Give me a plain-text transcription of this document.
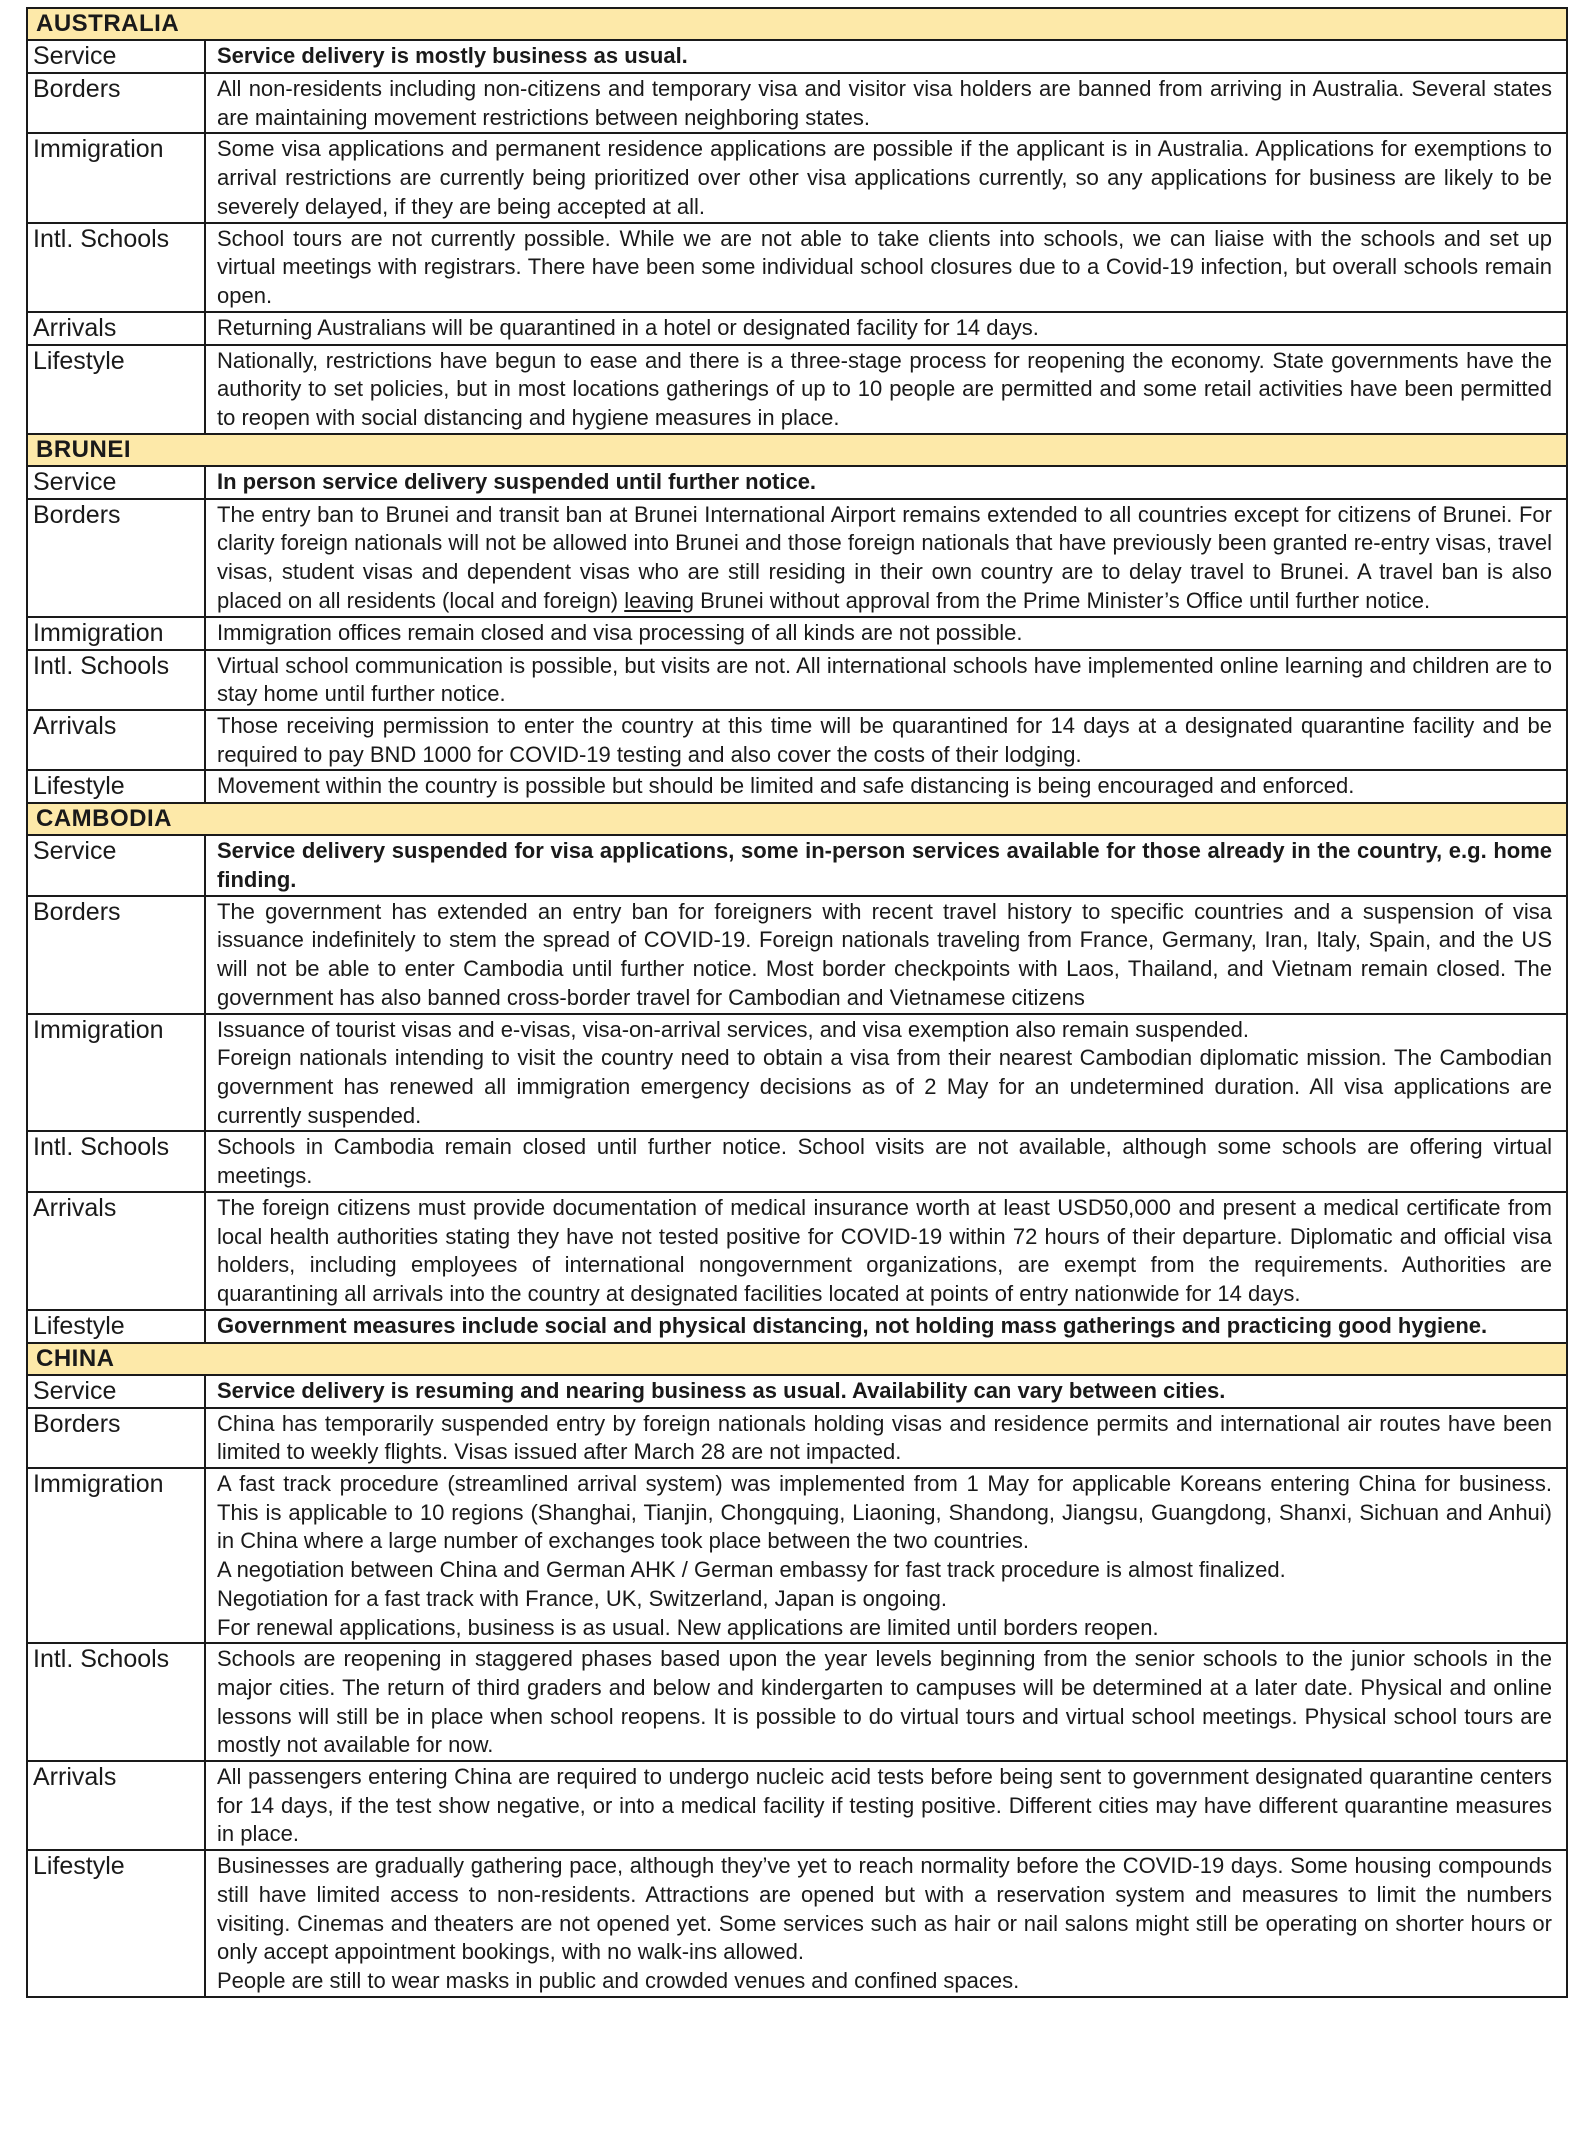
AUSTRALIA	
Service	Service delivery is mostly business as usual.

Borders	All non-residents including non-citizens and temporary visa and visitor visa holders are banned from arriving in Australia. Several states are maintaining movement restrictions between neighboring states.

Immigration	Some visa applications and permanent residence applications are possible if the applicant is in Australia. Applications for exemptions to arrival restrictions are currently being prioritized over other visa applications currently, so any applications for business are likely to be severely delayed, if they are being accepted at all.

Intl. Schools	School tours are not currently possible. While we are not able to take clients into schools, we can liaise with the schools and set up virtual meetings with registrars. There have been some individual school closures due to a Covid-19 infection, but overall schools remain open.

Arrivals	Returning Australians will be quarantined in a hotel or designated facility for 14 days.

Lifestyle	Nationally, restrictions have begun to ease and there is a three-stage process for reopening the economy. State governments have the authority to set policies, but in most locations gatherings of up to 10 people are permitted and some retail activities have been permitted to reopen with social distancing and hygiene measures in place.

BRUNEI	
Service	In person service delivery suspended until further notice.

Borders	The entry ban to Brunei and transit ban at Brunei International Airport remains extended to all countries except for citizens of Brunei. For clarity foreign nationals will not be allowed into Brunei and those foreign nationals that have previously been granted re-entry visas, travel visas, student visas and dependent visas who are still residing in their own country are to delay travel to Brunei. A travel ban is also placed on all residents (local and foreign) leaving Brunei without approval from the Prime Minister’s Office until further notice.
Immigration	Immigration offices remain closed and visa processing of all kinds are not possible.

Intl. Schools	Virtual school communication is possible, but visits are not. All international schools have implemented online learning and children are to stay home until further notice.

Arrivals	Those receiving permission to enter the country at this time will be quarantined for 14 days at a designated quarantine facility and be required to pay BND 1000 for COVID-19 testing and also cover the costs of their lodging.

Lifestyle	Movement within the country is possible but should be limited and safe distancing is being encouraged and enforced.

CAMBODIA	
Service	Service delivery suspended for visa applications, some in-person services available for those already in the country, e.g. home finding.

Borders	The government has extended an entry ban for foreigners with recent travel history to specific countries and a suspension of visa issuance indefinitely to stem the spread of COVID-19. Foreign nationals traveling from France, Germany, Iran, Italy, Spain, and the US will not be able to enter Cambodia until further notice. Most border checkpoints with Laos, Thailand, and Vietnam remain closed. The government has also banned cross-border travel for Cambodian and Vietnamese citizens

Immigration	Issuance of tourist visas and e-visas, visa-on-arrival services, and visa exemption also remain suspended.
Foreign nationals intending to visit the country need to obtain a visa from their nearest Cambodian diplomatic mission. The Cambodian government has renewed all immigration emergency decisions as of 2 May for an undetermined duration. All visa applications are currently suspended.

Intl. Schools	Schools in Cambodia remain closed until further notice. School visits are not available, although some schools are offering virtual meetings.

Arrivals	The foreign citizens must provide documentation of medical insurance worth at least USD50,000 and present a medical certificate from local health authorities stating they have not tested positive for COVID-19 within 72 hours of their departure. Diplomatic and official visa holders, including employees of international nongovernment organizations, are exempt from the requirements. Authorities are quarantining all arrivals into the country at designated facilities located at points of entry nationwide for 14 days.

Lifestyle	Government measures include social and physical distancing, not holding mass gatherings and practicing good hygiene.

CHINA	
Service	Service delivery is resuming and nearing business as usual. Availability can vary between cities.

Borders	China has temporarily suspended entry by foreign nationals holding visas and residence permits and international air routes have been limited to weekly flights. Visas issued after March 28 are not impacted.

Immigration	A fast track procedure (streamlined arrival system) was implemented from 1 May for applicable Koreans entering China for business. This is applicable to 10 regions (Shanghai, Tianjin, Chongquing, Liaoning, Shandong, Jiangsu, Guangdong, Shanxi, Sichuan and Anhui) in China where a large number of exchanges took place between the two countries.
A negotiation between China and German AHK / German embassy for fast track procedure is almost finalized.
Negotiation for a fast track with France, UK, Switzerland, Japan is ongoing.
For renewal applications, business is as usual. New applications are limited until borders reopen.

Intl. Schools	Schools are reopening in staggered phases based upon the year levels beginning from the senior schools to the junior schools in the major cities. The return of third graders and below and kindergarten to campuses will be determined at a later date. Physical and online lessons will still be in place when school reopens. It is possible to do virtual tours and virtual school meetings. Physical school tours are mostly not available for now.

Arrivals	All passengers entering China are required to undergo nucleic acid tests before being sent to government designated quarantine centers for 14 days, if the test show negative, or into a medical facility if testing positive. Different cities may have different quarantine measures in place.

Lifestyle	Businesses are gradually gathering pace, although they’ve yet to reach normality before the COVID-19 days. Some housing compounds still have limited access to non-residents. Attractions are opened but with a reservation system and measures to limit the numbers visiting. Cinemas and theaters are not opened yet. Some services such as hair or nail salons might still be operating on shorter hours or only accept appointment bookings, with no walk-ins allowed.
People are still to wear masks in public and crowded venues and confined spaces.
